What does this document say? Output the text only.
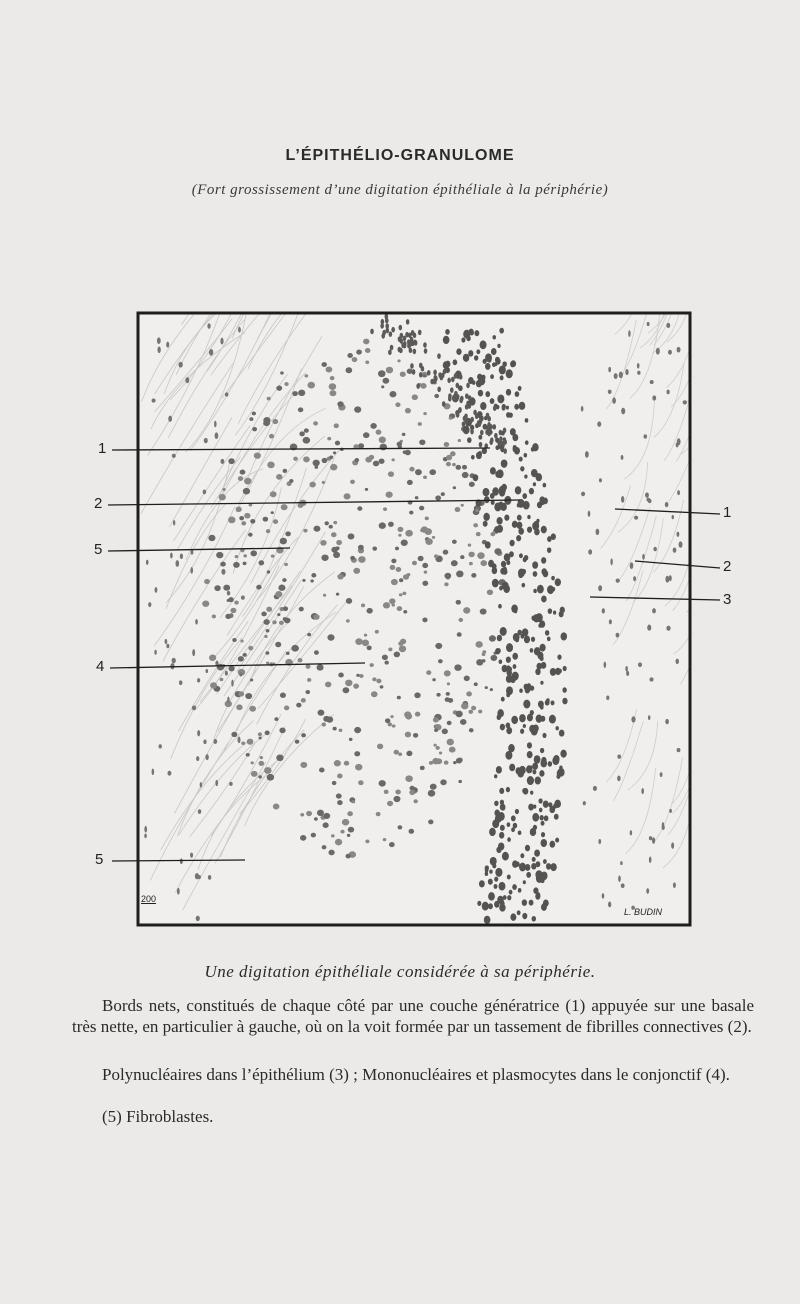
L’ÉPITHÉLIO-GRANULOME
(Fort grossissement d’une digitation épithéliale à la périphérie)
1
2
5
4
5
1
2
3
200
L. BUDIN
Une digitation épithéliale considérée à sa périphérie.

Bords nets, constitués de chaque côté par une couche génératrice (1) appuyée sur une basale très nette, en particulier à gauche, où on la voit formée par un tassement de fibrilles connectives (2).

Polynucléaires dans l’épithélium (3) ; Mononucléaires et plasmocytes dans le conjonctif (4).

(5) Fibroblastes.
